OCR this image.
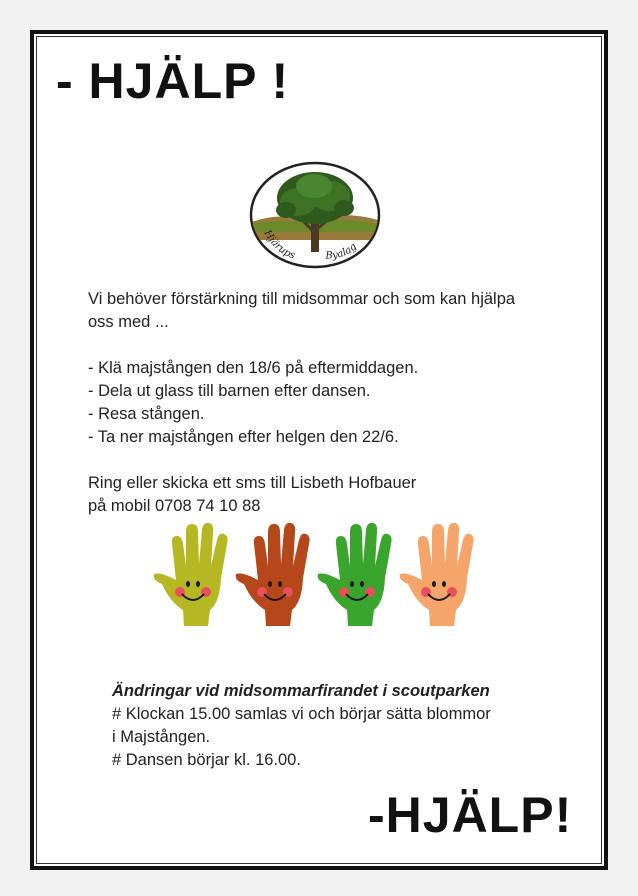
- HJÄLP !
Hjärups	Byalag

Vi behöver förstärkning till midsommar och som kan hjälpa

oss med ...

- Klä majstången den 18/6 på eftermiddagen.

- Dela ut glass till barnen efter dansen.

- Resa stången.

- Ta ner majstången efter helgen den 22/6.

Ring eller skicka ett sms till Lisbeth Hofbauer

på mobil 0708 74 10 88

Ändringar vid midsommarfirandet i scoutparken

# Klockan 15.00 samlas vi och börjar sätta blommor

i Majstången.

# Dansen börjar kl. 16.00.

-HJÄLP!
